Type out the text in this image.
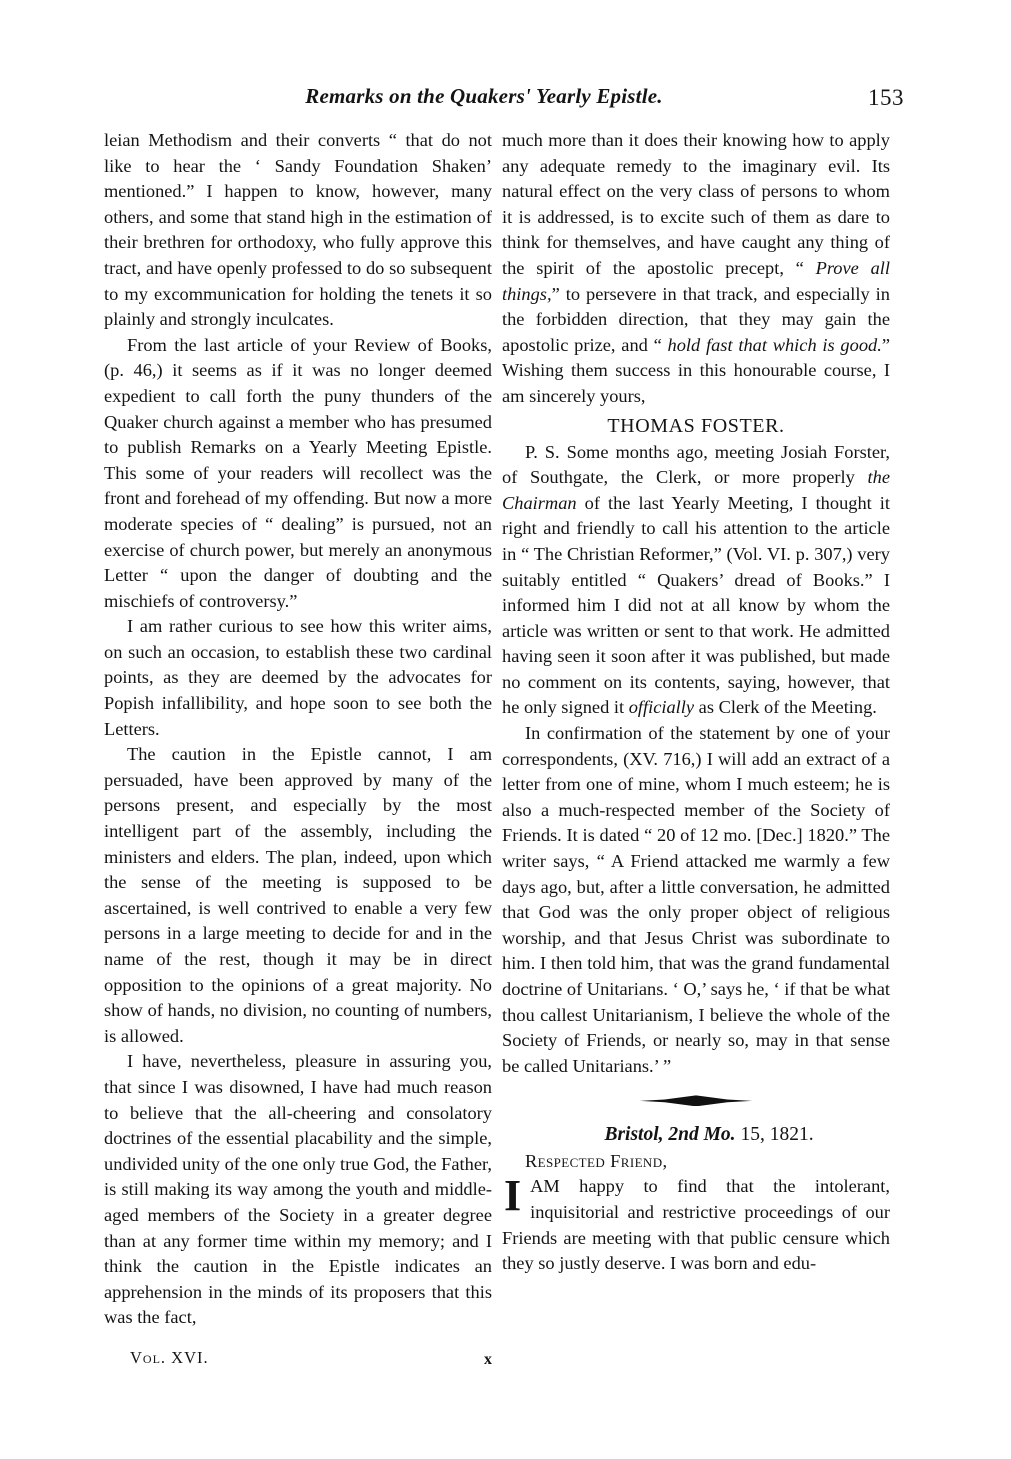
Remarks on the Quakers' Yearly Epistle.	153

leian Methodism and their converts “ that do not like to hear the ‘ Sandy Foundation Shaken’ mentioned.” I happen to know, however, many others, and some that stand high in the estimation of their brethren for orthodoxy, who fully approve this tract, and have openly professed to do so subsequent to my excommunication for holding the tenets it so plainly and strongly inculcates.

From the last article of your Review of Books, (p. 46,) it seems as if it was no longer deemed expedient to call forth the puny thunders of the Quaker church against a member who has presumed to publish Remarks on a Yearly Meeting Epistle. This some of your readers will recollect was the front and forehead of my offending. But now a more moderate species of “ dealing” is pursued, not an exercise of church power, but merely an anonymous Letter “ upon the danger of doubting and the mischiefs of controversy.”

I am rather curious to see how this writer aims, on such an occasion, to establish these two cardinal points, as they are deemed by the advocates for Popish infallibility, and hope soon to see both the Letters.

The caution in the Epistle cannot, I am persuaded, have been approved by many of the persons present, and especially by the most intelligent part of the assembly, including the ministers and elders. The plan, indeed, upon which the sense of the meeting is supposed to be ascertained, is well contrived to enable a very few persons in a large meeting to decide for and in the name of the rest, though it may be in direct opposition to the opinions of a great majority. No show of hands, no division, no counting of numbers, is allowed.

I have, nevertheless, pleasure in assuring you, that since I was disowned, I have had much reason to believe that the all-cheering and consolatory doctrines of the essential placability and the simple, undivided unity of the one only true God, the Father, is still making its way among the youth and middle-aged members of the Society in a greater degree than at any former time within my memory; and I think the caution in the Epistle indicates an apprehension in the minds of its proposers that this was the fact,

much more than it does their knowing how to apply any adequate remedy to the imaginary evil. Its natural effect on the very class of persons to whom it is addressed, is to excite such of them as dare to think for themselves, and have caught any thing of the spirit of the apostolic precept, “ Prove all things,” to persevere in that track, and especially in the forbidden direction, that they may gain the apostolic prize, and “ hold fast that which is good.” Wishing them success in this honourable course, I am sincerely yours,

THOMAS FOSTER.

P. S. Some months ago, meeting Josiah Forster, of Southgate, the Clerk, or more properly the Chairman of the last Yearly Meeting, I thought it right and friendly to call his attention to the article in “ The Christian Reformer,” (Vol. VI. p. 307,) very suitably entitled “ Quakers’ dread of Books.” I informed him I did not at all know by whom the article was written or sent to that work. He admitted having seen it soon after it was published, but made no comment on its contents, saying, however, that he only signed it officially as Clerk of the Meeting.

In confirmation of the statement by one of your correspondents, (XV. 716,) I will add an extract of a letter from one of mine, whom I much esteem; he is also a much-respected member of the Society of Friends. It is dated “ 20 of 12 mo. [Dec.] 1820.” The writer says, “ A Friend attacked me warmly a few days ago, but, after a little conversation, he admitted that God was the only proper object of religious worship, and that Jesus Christ was subordinate to him. I then told him, that was the grand fundamental doctrine of Unitarians. ‘ O,’ says he, ‘ if that be what thou callest Unitarianism, I believe the whole of the Society of Friends, or nearly so, may in that sense be called Unitarians.’ ”

Bristol, 2nd Mo. 15, 1821.

Respected Friend,

I AM happy to find that the intolerant, inquisitorial and restrictive proceedings of our Friends are meeting with that public censure which they so justly deserve. I was born and edu-

Vol. XVI.	x
